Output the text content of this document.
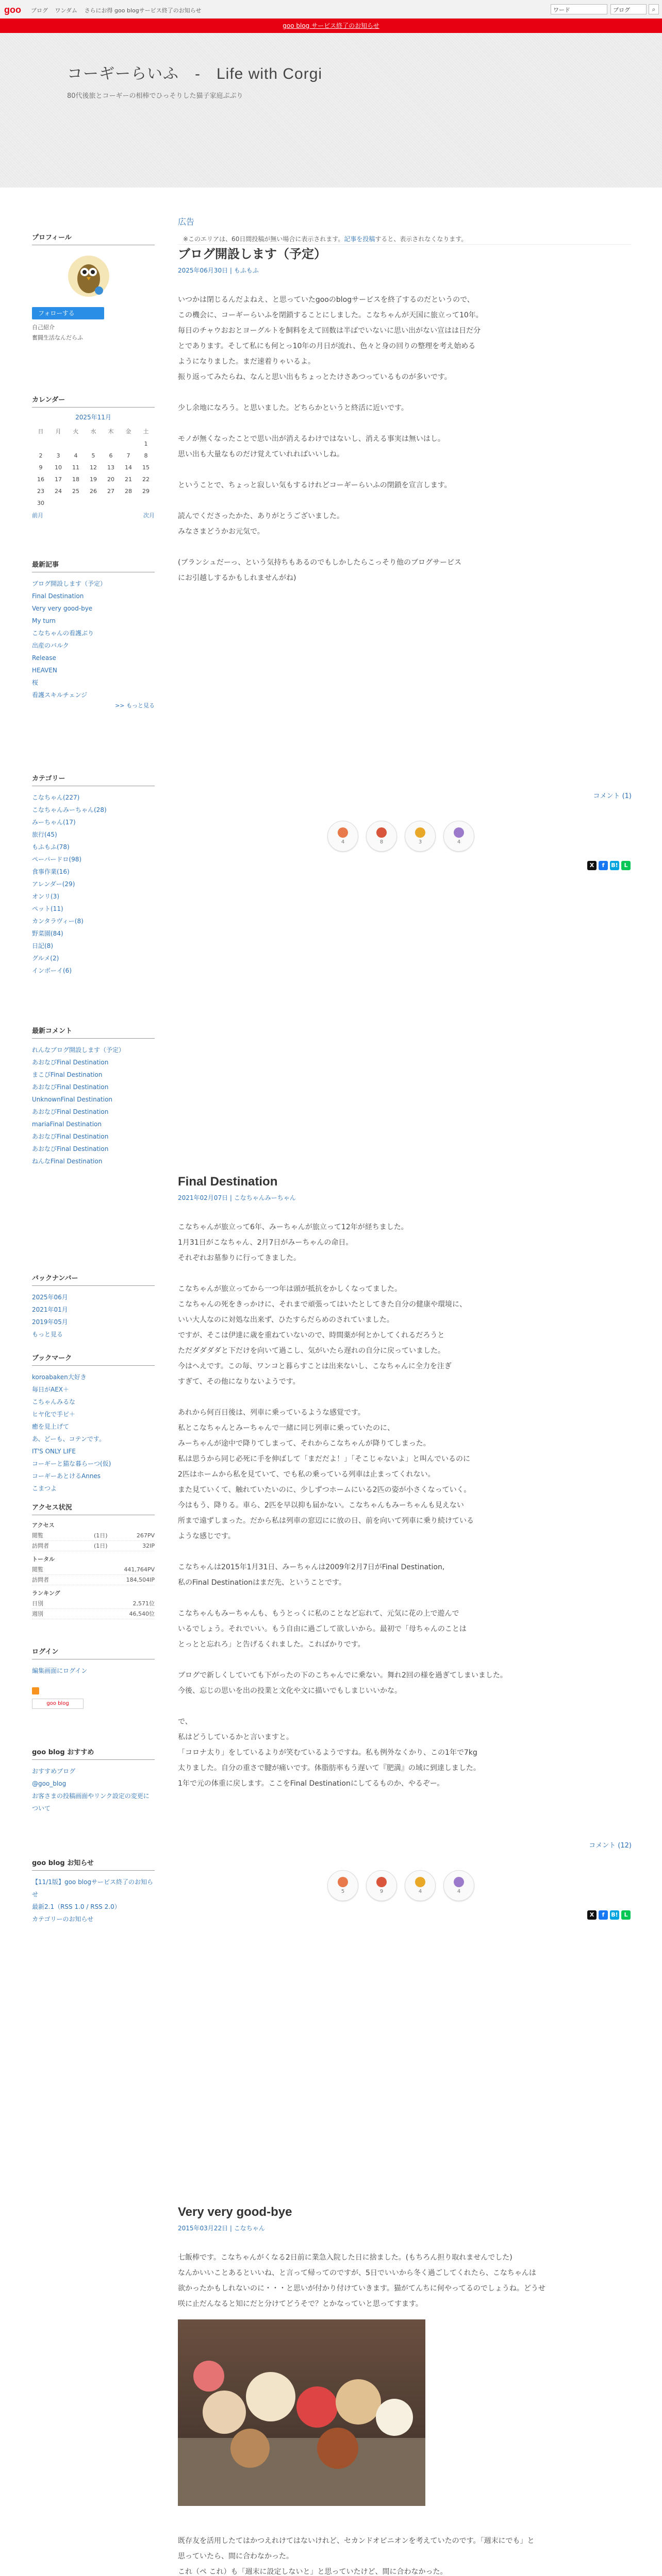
goo ブログ ワンダム さらにお得 goo blogサービス終了のお知らせ	ワード	ブログ	⌕
goo blog サービス終了のお知らせ
コーギーらいふ　-　Life with Corgi
80代後旅とコーギーの相棒でひっそりした猫子家庭ぷぷり
プロフィール
フォローする
自己紹介
奮闘生活なんだらふ
カレンダー
2025年11月
日	月	火	水	木	金	土
						1
2	3	4	5	6	7	8
9	10	11	12	13	14	15
16	17	18	19	20	21	22
23	24	25	26	27	28	29
30						
前月	次月
最新記事
ブログ開設します（予定）
Final Destination
Very very good-bye
My turn
こなちゃんの看護ぶり
出産のバルク
Release
HEAVEN
桜
看護スキルチェンジ
>> もっと見る
カテゴリー
こなちゃん(227)
こなちゃんみーちゃん(28)
みーちゃん(17)
旅行(45)
もふもふ(78)
ペーパードロ(98)
食事作業(16)
アレンダー(29)
オンリ(3)
ペット(11)
カンタラヴィー(8)
野菜園(84)
日記(8)
グルメ(2)
インボーイ(6)
最新コメント
れんなブログ開設します（予定）
あおなびFinal Destination
まこぴFinal Destination
あおなびFinal Destination
UnknownFinal Destination
あおなびFinal Destination
mariaFinal Destination
あおなびFinal Destination
あおなびFinal Destination
ねんなFinal Destination
バックナンバー
2025年06月
2021年01月
2019年05月
もっと見る
ブックマーク
koroabaken大好き
毎日がAEX＋
こちゃんみるな
ヒヤ化で手ピ＋
癒を見上げて
あ、どーも、コテンです。
IT'S ONLY LIFE
コーギーと猫な暮らーつ(仮)
コーギーあとけるAnnes
こまつよ
アクセス状況
アクセス
閲覧	(1日)	267PV
訪問者	(1日)	32IP
トータル
閲覧	441,764PV
訪問者	184,504IP
ランキング
日別	2,571位
週別	46,540位
ログイン
編集画面にログイン
goo blog
goo blog おすすめ
おすすめブログ
@goo_blog
お客さまの投稿画面やリンク設定の変更について
goo blog お知らせ
【11/1版】goo blogサービス終了のお知らせ
最新2.1（RSS 1.0 / RSS 2.0）
カテゴリーのお知らせ
広告
※このエリアは、60日間投稿が無い場合に表示されます。記事を投稿すると、表示されなくなります。
ブログ開設します（予定）
2025年06月30日 | もふもふ

いつかは閉じるんだよねえ、と思っていたgooのblogサービスを終了するのだというので、

この機会に、コーギーらいふを閉鎖することにしました。こなちゃんが天国に旅立って10年。

毎日のチャウおおとヨーグルトを飼料をえて回数は半ばでいないに思い出がない宣はは日だ分

とであります。そして私にも何とっ10年の月日が流れ、色々と身の回りの整理を考え始める

ようになりました。まだ速着りゃいるよ。

振り返ってみたらね、なんと思い出もちょっとたけさあつっているものが多いです。

少し余地になろう。と思いました。どちらかというと終活に近いです。

モノが無くなったことで思い出が消えるわけではないし、消える事実は無いはし。

思い出も大量なものだけ覚えていれればいいしね。

ということで、ちょっと寂しい気もするけれどコーギーらいふの閉鎖を宣言します。

読んでくださったかた、ありがとうございました。

みなさまどうかお元気で。

(ブランシュだーっ、という気持ちもあるのでもしかしたらこっそり他のブログサービス

にお引越しするかもしれませんがね)

コメント (1)
4	8	3	4
X f B! L
Final Destination
2021年02月07日 | こなちゃんみーちゃん

こなちゃんが旅立って6年、みーちゃんが旅立って12年が経ちました。

1月31日がこなちゃん、2月7日がみーちゃんの命日。

それぞれお墓参りに行ってきました。

こなちゃんが旅立ってから一つ年は頭が抵抗をかしくなってました。

こなちゃんの死をきっかけに、それまで頑張ってはいたとしてきた自分の健康や環境に、

いい大人なのに対処な出来ず、ひたすらだらめのされていました。

ですが、そこは伊達に歳を重ねていないので、時間薬が何とかしてくれるだろうと

ただダダダダと下だけを向いて過こし、気がいたら遅れの自分に戻っていました。

今はへえです。この毎、ワンコと暮らすことは出来ないし、こなちゃんに全力を注ぎ

すぎて、その他になりないようです。

あれから何百日後は、列車に乗っているような感覚です。

私とこなちゃんとみーちゃんで一緒に同じ列車に乗っていたのに、

みーちゃんが途中で降りてしまって、それからこなちゃんが降りてしまった。

私は思うから同じ必死に手を伸ばして「まだだよ！」「そこじゃないよ」と叫んでいるのに

2匹はホームから私を見ていて、でも私の乗っている列車は止まってくれない。

また見ていくて、触れていたいのに、少しずつホームにいる2匹の姿が小さくなっていく。

今はもう、降りる。車ら、2匹を早以抑も届かない。こなちゃんもみーちゃんも見えない

所まで遠ずしまった。だから私は列車の窓辺にに放の日、前を向いて列車に乗り続けている

ような感じです。

こなちゃんは2015年1月31日、みーちゃんは2009年2月7日がFinal Destination,

私のFinal Destinationはまだ先、ということです。

こなちゃんもみーちゃんも、もうとっくに私のことなど忘れて、元気に花の上で遊んで

いるでしょう。それでいい。もう自由に過ごして欲しいから。最初で「母ちゃんのことは

とっとと忘れろ」と告げるくれました。こればかりです。

ブログで新しくしていても下がったの下のこちゃんでに乗ない。舞れ2回の様を過ぎてしまいました。

今後、忘じの思いを出の投業と文化や文に描いでもしまじいいかな。

で、

私はどうしているかと言いますと。

「コロナ太り」をしているよりが笑むているようですね。私も例外なくかり、この1年で7kg

太りました。自分の重さで腱が痛いです。体脂肪率もう遅いて『肥満』の域に到達しました。

1年で元の体重に戻します。ここをFinal Destinationにしてるものか、やるぞー。

コメント (12)
5	9	4	4
X f B! L
Very very good-bye
2015年03月22日 | こなちゃん

七飯棒です。こなちゃんがくなる2日前に業急入院した日に捨ました。(もちろん担り取れませんでした)

なんかいいことあるといいね、と言って帰ってのですが、5日でいいから冬く過ごしてくれたら、こなちゃんは

欲かったかもしれないのに・・・と思いが付かり付けていきます。猫がてんちに何やってるのでしょうね。どうせ

咲に止だんなると知にだと分けてどうそで？とかなっていと思ってすます。

既存友を活用したてはかつえれけてはないけれど、セカンドオピニオンを考えていたのです。「週末にでも」と

思っていたら、間に合わなかった。

これ（ペ これ）も「週末に設定しないと」と思っていたけど、間に合わなかった。
